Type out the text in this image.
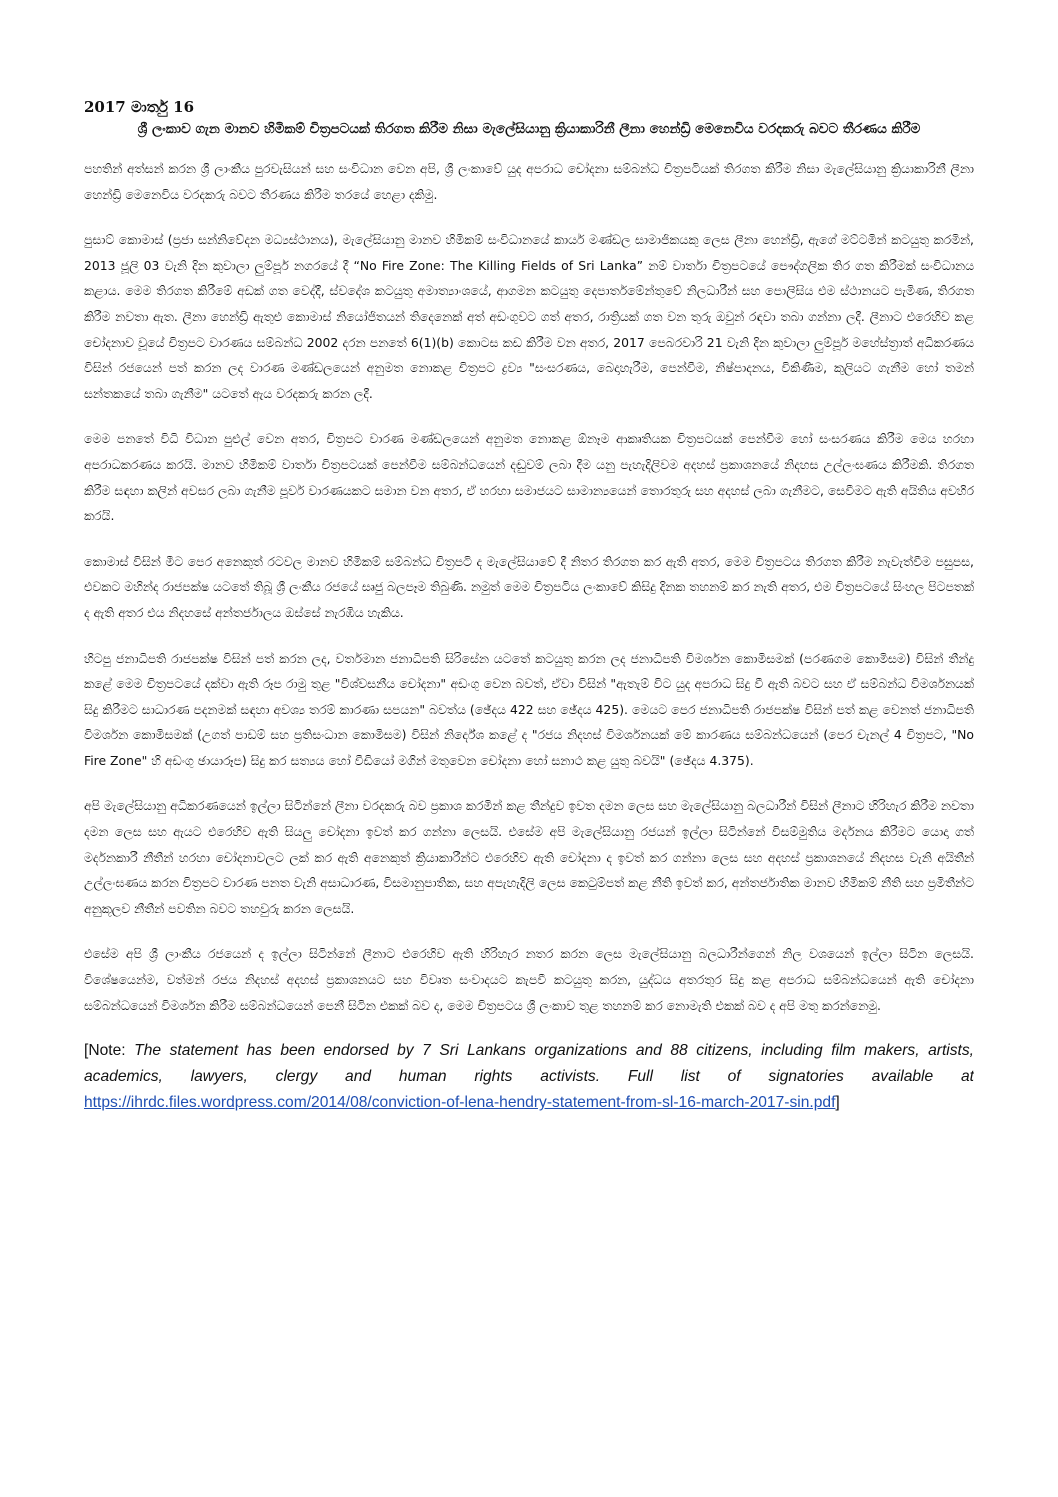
2017 මාර්තු 16

ශ්‍රී ලංකාව ගැන මානව හිමිකම් චිත්‍රපටයක් තිරගත කිරීම නිසා මැලේසියානු ක්‍රියාකාරිනී ලීනා හෙන්ඩ්‍රි මෙනෙවිය වරදකරු බවට තීරණය කිරීම

පහතින් අත්සන් කරන ශ්‍රී ලාංකීය පුරවැසියන් සහ සංවිධාන වෙන අපි, ශ්‍රී ලංකාවේ යුද අපරාධ චෝදනා සම්බන්ධ චිත්‍රපටියක් තිරගත කිරීම නිසා මැලේසියානු ක්‍රියාකාරිනී ලීනා හෙන්ඩ්‍රි මෙනෙවිය වරදකරු බවට තීරණය කිරීම තරයේ හෙළා දකිමු.

පුසාට් කොමාස් (ප්‍රජා සන්නිවේදන මධ්‍යස්ථානය), මැලේසියානු මානව හිමිකම් සංවිධානයේ කාර්ය මණ්ඩල සාමාජිකයකු ලෙස ලීනා හෙන්ඩ්‍රි, ඇගේ මට්ටමින් කටයුතු කරමින්, 2013 ජූලි 03 වැනි දින කුවාලා ලුම්පූර් නගරයේ දී “No Fire Zone: The Killing Fields of Sri Lanka” නම් වාර්තා චිත්‍රපටයේ පෞද්ගලික තිර ගත කිරීමක් සංවිධානය කළාය. මෙම තිරගත කිරීමේ අඩක් ගත වෙද්දී, ස්වදේශ කටයුතු අමාත්‍යාංශයේ, ආගමන කටයුතු දෙපාර්තමේන්තුවේ නිලධාරීන් සහ පොලිසිය එම ස්ථානයට පැමිණ, තිරගත කිරීම නවතා ඇත. ලීනා හෙන්ඩ්‍රි ඇතුළු කොමාස් නියෝජිතයන් තිදෙනෙක් අත් අඩංගුවට ගත් අතර, රාත්‍රියක් ගත වන තුරු ඔවුන් රඳවා තබා ගන්නා ලදී. ලීනාට එරෙහිව කළ චෝදනාව වූයේ චිත්‍රපට වාරණය සම්බන්ධ 2002 දරන පනතේ 6(1)(b) කොටස කඩ කිරීම වන අතර, 2017 පෙබරවාරි 21 වැනි දින කුවාලා ලුම්පූර් මහේස්ත්‍රාත් අධිකරණය විසින් රජයෙන් පත් කරන ලද වාරණ මණ්ඩලයෙන් අනුමත නොකළ චිත්‍රපට ද්‍රව්‍ය "සංසරණය, බෙදාහැරීම, පෙන්වීම, නිෂ්පාදනය, විකිණීම, කුලියට ගැනීම හෝ තමන් සන්තකයේ තබා ගැනීම" යටතේ ඇය වරදකරු කරන ලදී.

මෙම පනතේ විධි විධාන පුළුල් වෙන අතර, චිත්‍රපට වාරණ මණ්ඩලයෙන් අනුමත නොකළ ඕනෑම ආකෘතියක චිත්‍රපටයක් පෙන්වීම හෝ සංසරණය කිරීම මෙය හරහා අපරාධකරණය කරයි. මානව හිමිකම් වාර්තා චිත්‍රපටයක් පෙන්වීම සම්බන්ධයෙන් දඬුවම් ලබා දීම යනු පැහැදිලිවම අදහස් ප්‍රකාශනයේ නිදහස උල්ලංඝණය කිරීමකි. තිරගත කිරීම සඳහා කලින් අවසර ලබා ගැනීම පූර්ව වාරණයකට සමාන වන අතර, ඒ හරහා සමාජයට සාමාන්‍යයෙන් තොරතුරු සහ අදහස් ලබා ගැනීමට, සෙවීමට ඇති අයිතිය අවහිර කරයි.

කොමාස් විසින් මීට පෙර අනෙකුත් රටවල මානව හිමිකම් සම්බන්ධ චිත්‍රපටි ද මැලේසියාවේ දී නිතර තිරගත කර ඇති අතර, මෙම චිත්‍රපටය තිරගත කිරීම නැවැත්වීම පසුපස, එවකට මහින්ද රාජපක්ෂ යටතේ තිබූ ශ්‍රී ලංකීය රජයේ සෘජු බලපෑම තිබුණි. නමුත් මෙම චිත්‍රපටිය ලංකාවේ කිසිදු දිනක තහනම් කර නැති අතර, එම චිත්‍රපටයේ සිංහල පිටපතක් ද ඇති අතර එය නිදහසේ අන්තර්ජාලය ඔස්සේ නැරඹිය හැකිය.

හිටපු ජනාධිපති රාජපක්ෂ විසින් පත් කරන ලද, වර්තමාන ජනාධිපති සිරිසේන යටතේ කටයුතු කරන ලද ජනාධිපති විමර්ශන කොමිසමක් (පරණගම කොමිසම) විසින් තීන්දු කළේ මෙම චිත්‍රපටයේ දක්වා ඇති රූප රාමු තුළ "විශ්වසනීය චෝදනා" අඩංගු වෙන බවත්, ඒවා විසින් "ඇතැම් විට යුද අපරාධ සිදු වී ඇති බවට සහ ඒ සම්බන්ධ විමර්ශනයක් සිදු කිරීමට සාධාරණ පදනමක් සඳහා අවශ්‍ය තරම් කාරණා සපයන" බවත්ය (ඡේදය 422 සහ ඡේදය 425). මෙයට පෙර ජනාධිපති රාජපක්ෂ විසින් පත් කළ වෙනත් ජනාධිපති විමර්ශන කොමිසමක් (උගත් පාඩම් සහ ප්‍රතිසංධාන කොමිසම) විසින් නිර්දේශ කළේ ද "රජය නිදහස් විමර්ශනයක් මේ කාරණය සම්බන්ධයෙන් (පෙර චැනල් 4 චිත්‍රපට, "No Fire Zone" හි අඩංගු ඡායාරූප) සිදු කර සත්‍යය හෝ වීඩියෝ මගින් මතුවෙන චෝදනා හෝ සනාථ කළ යුතු බවයි" (ඡේදය 4.375).

අපි මැලේසියානු අධිකරණයෙන් ඉල්ලා සිටින්නේ ලීනා වරදකරු බව ප්‍රකාශ කරමින් කළ තීන්දුව ඉවත දමන ලෙස සහ මැලේසියානු බලධාරීන් විසින් ලීනාට හිරිහැර කිරීම නවතා දමන ලෙස සහ ඇයට එරෙහිව ඇති සියලු චෝදනා ඉවත් කර ගන්නා ලෙසයි. එසේම අපි මැලේසියානු රජයන් ඉල්ලා සිටින්නේ විසම්මුතිය මර්දනය කිරීමට යොදා ගත් මර්දනකාරී නීතීන් හරහා චෝදනාවලට ලක් කර ඇති අනෙකුත් ක්‍රියාකාරීන්ට එරෙහිව ඇති චෝදනා ද ඉවත් කර ගන්නා ලෙස සහ අදහස් ප්‍රකාශනයේ නිදහස වැනි අයිතීන් උල්ලංඝණය කරන චිත්‍රපට වාරණ පනත වැනි අසාධාරණ, විසමානුපාතික, සහ අපැහැදිලි ලෙස කෙටුම්පත් කළ නීති ඉවත් කර, අන්තර්ජාතික මානව හිමිකම් නීති සහ ප්‍රමිතීන්ට අනුකූලව නීතීන් පවතින බවට තහවුරු කරන ලෙසයි.

එසේම අපි ශ්‍රී ලාංකීය රජයෙන් ද ඉල්ලා සිටින්නේ ලීනාට එරෙහිව ඇති හිරිහැර නතර කරන ලෙස මැලේසියානු බලධාරීන්ගෙන් නිල වශයෙන් ඉල්ලා සිටින ලෙසයි. විශේෂයෙන්ම, වත්මන් රජය නිදහස් අදහස් ප්‍රකාශනයට සහ විවෘත සංවාදයට කැපවී කටයුතු කරන, යුද්ධය අතරතුර සිදු කළ අපරාධ සම්බන්ධයෙන් ඇති චෝදනා සම්බන්ධයෙන් විමර්ශන කිරීම සම්බන්ධයෙන් පෙනී සිටින එකක් බව ද, මෙම චිත්‍රපටය ශ්‍රී ලංකාව තුළ තහනම් කර නොමැති එකක් බව ද අපි මතු කරන්නෙමු.

[Note: The statement has been endorsed by 7 Sri Lankans organizations and 88 citizens, including film makers, artists, academics, lawyers, clergy and human rights activists. Full list of signatories available at https://ihrdc.files.wordpress.com/2014/08/conviction-of-lena-hendry-statement-from-sl-16-march-2017-sin.pdf]
